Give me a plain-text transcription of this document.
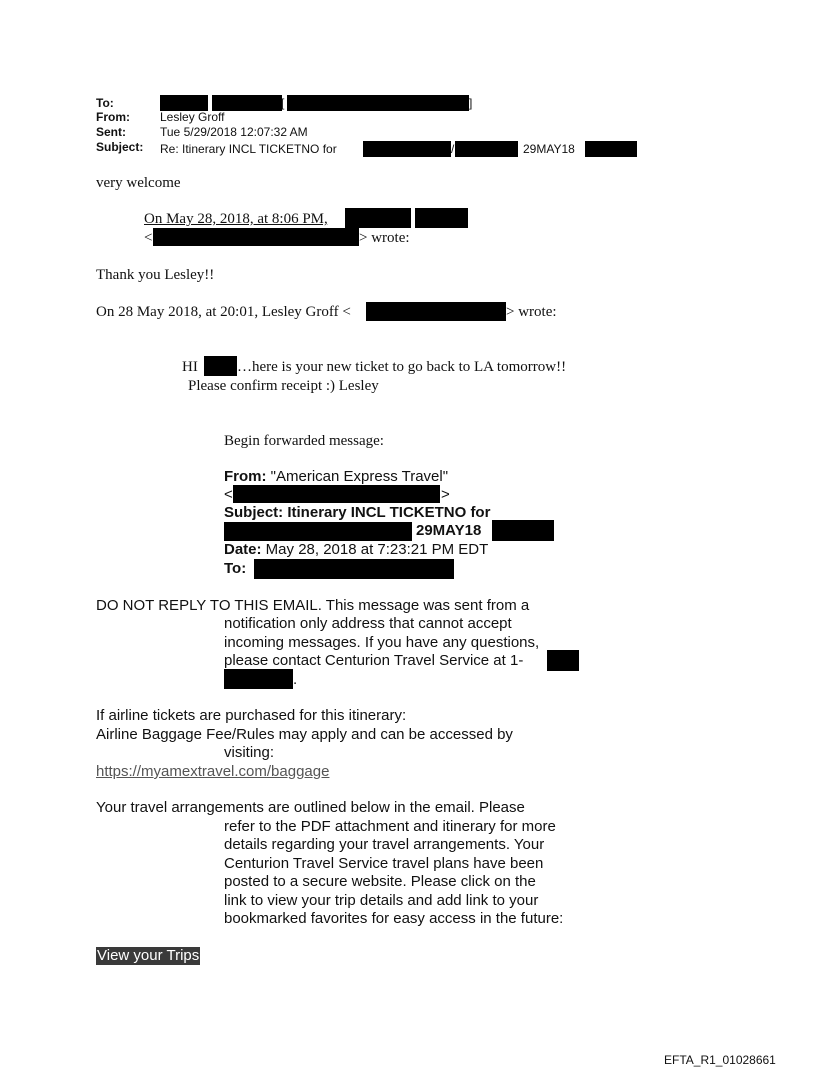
To:	[	]
From:	Lesley Groff
Sent:	Tue 5/29/2018 12:07:32 AM
Subject: Re: Itinerary INCL TICKETNO for	/	29MAY18
very welcome
On May 28, 2018, at 8:06 PM,
<	> wrote:
Thank you Lesley!!
On 28 May 2018, at 20:01, Lesley Groff <	> wrote:
HI	…here is your new ticket to go back to LA tomorrow!!
Please confirm receipt :) Lesley
Begin forwarded message:
From: "American Express Travel"
<	>
Subject: Itinerary INCL TICKETNO for
29MAY18
Date: May 28, 2018 at 7:23:21 PM EDT
To:
DO NOT REPLY TO THIS EMAIL. This message was sent from a
notification only address that cannot accept
incoming messages. If you have any questions,
please contact Centurion Travel Service at 1-
.
If airline tickets are purchased for this itinerary:
Airline Baggage Fee/Rules may apply and can be accessed by
visiting:
https://myamextravel.com/baggage
Your travel arrangements are outlined below in the email. Please
refer to the PDF attachment and itinerary for more
details regarding your travel arrangements. Your
Centurion Travel Service travel plans have been
posted to a secure website. Please click on the
link to view your trip details and add link to your
bookmarked favorites for easy access in the future:
View your Trips
EFTA_R1_01028661
